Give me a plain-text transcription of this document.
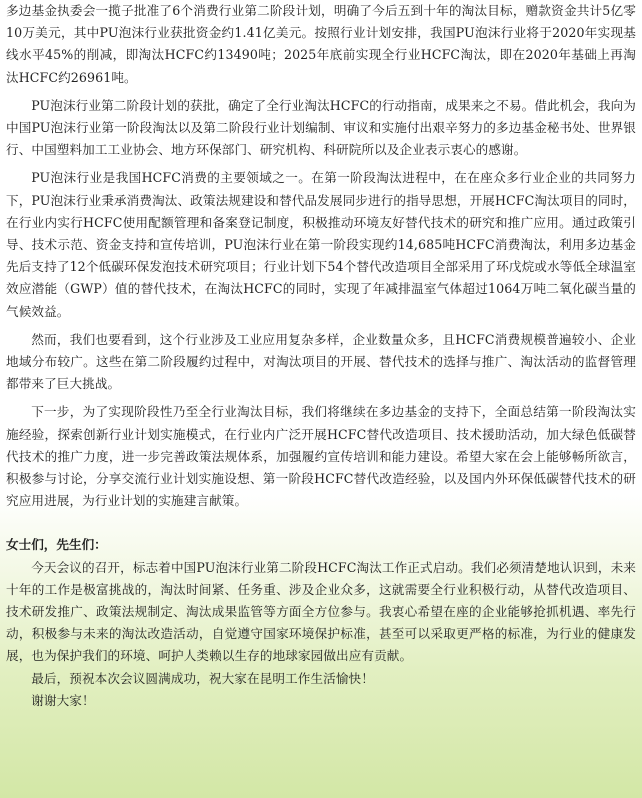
多边基金执委会一揽子批准了6个消费行业第二阶段计划，明确了今后五到十年的淘汰目标，赠款资金共计5亿零10万美元，其中PU泡沫行业获批资金约1.41亿美元。按照行业计划安排，我国PU泡沫行业将于2020年实现基线水平45%的削减，即淘汰HCFC约13490吨；2025年底前实现全行业HCFC淘汰，即在2020年基础上再淘汰HCFC约26961吨。

PU泡沫行业第二阶段计划的获批，确定了全行业淘汰HCFC的行动指南，成果来之不易。借此机会，我向为中国PU泡沫行业第一阶段淘汰以及第二阶段行业计划编制、审议和实施付出艰辛努力的多边基金秘书处、世界银行、中国塑料加工工业协会、地方环保部门、研究机构、科研院所以及企业表示衷心的感谢。

PU泡沫行业是我国HCFC消费的主要领域之一。在第一阶段淘汰进程中，在在座众多行业企业的共同努力下，PU泡沫行业秉承消费淘汰、政策法规建设和替代品发展同步进行的指导思想，开展HCFC淘汰项目的同时，在行业内实行HCFC使用配额管理和备案登记制度，积极推动环境友好替代技术的研究和推广应用。通过政策引导、技术示范、资金支持和宣传培训，PU泡沫行业在第一阶段实现约14,685吨HCFC消费淘汰，利用多边基金先后支持了12个低碳环保发泡技术研究项目；行业计划下54个替代改造项目全部采用了环戊烷或水等低全球温室效应潜能（GWP）值的替代技术，在淘汰HCFC的同时，实现了年减排温室气体超过1064万吨二氧化碳当量的气候效益。

然而，我们也要看到，这个行业涉及工业应用复杂多样，企业数量众多，且HCFC消费规模普遍较小、企业地域分布较广。这些在第二阶段履约过程中，对淘汰项目的开展、替代技术的选择与推广、淘汰活动的监督管理都带来了巨大挑战。

下一步，为了实现阶段性乃至全行业淘汰目标，我们将继续在多边基金的支持下，全面总结第一阶段淘汰实施经验，探索创新行业计划实施模式，在行业内广泛开展HCFC替代改造项目、技术援助活动，加大绿色低碳替代技术的推广力度，进一步完善政策法规体系，加强履约宣传培训和能力建设。希望大家在会上能够畅所欲言，积极参与讨论，分享交流行业计划实施设想、第一阶段HCFC替代改造经验，以及国内外环保低碳替代技术的研究应用进展，为行业计划的实施建言献策。

女士们，先生们：

今天会议的召开，标志着中国PU泡沫行业第二阶段HCFC淘汰工作正式启动。我们必须清楚地认识到，未来十年的工作是极富挑战的，淘汰时间紧、任务重、涉及企业众多，这就需要全行业积极行动，从替代改造项目、技术研发推广、政策法规制定、淘汰成果监管等方面全方位参与。我衷心希望在座的企业能够抢抓机遇、率先行动，积极参与未来的淘汰改造活动，自觉遵守国家环境保护标准，甚至可以采取更严格的标准，为行业的健康发展，也为保护我们的环境、呵护人类赖以生存的地球家园做出应有贡献。

最后，预祝本次会议圆满成功，祝大家在昆明工作生活愉快！

谢谢大家！
